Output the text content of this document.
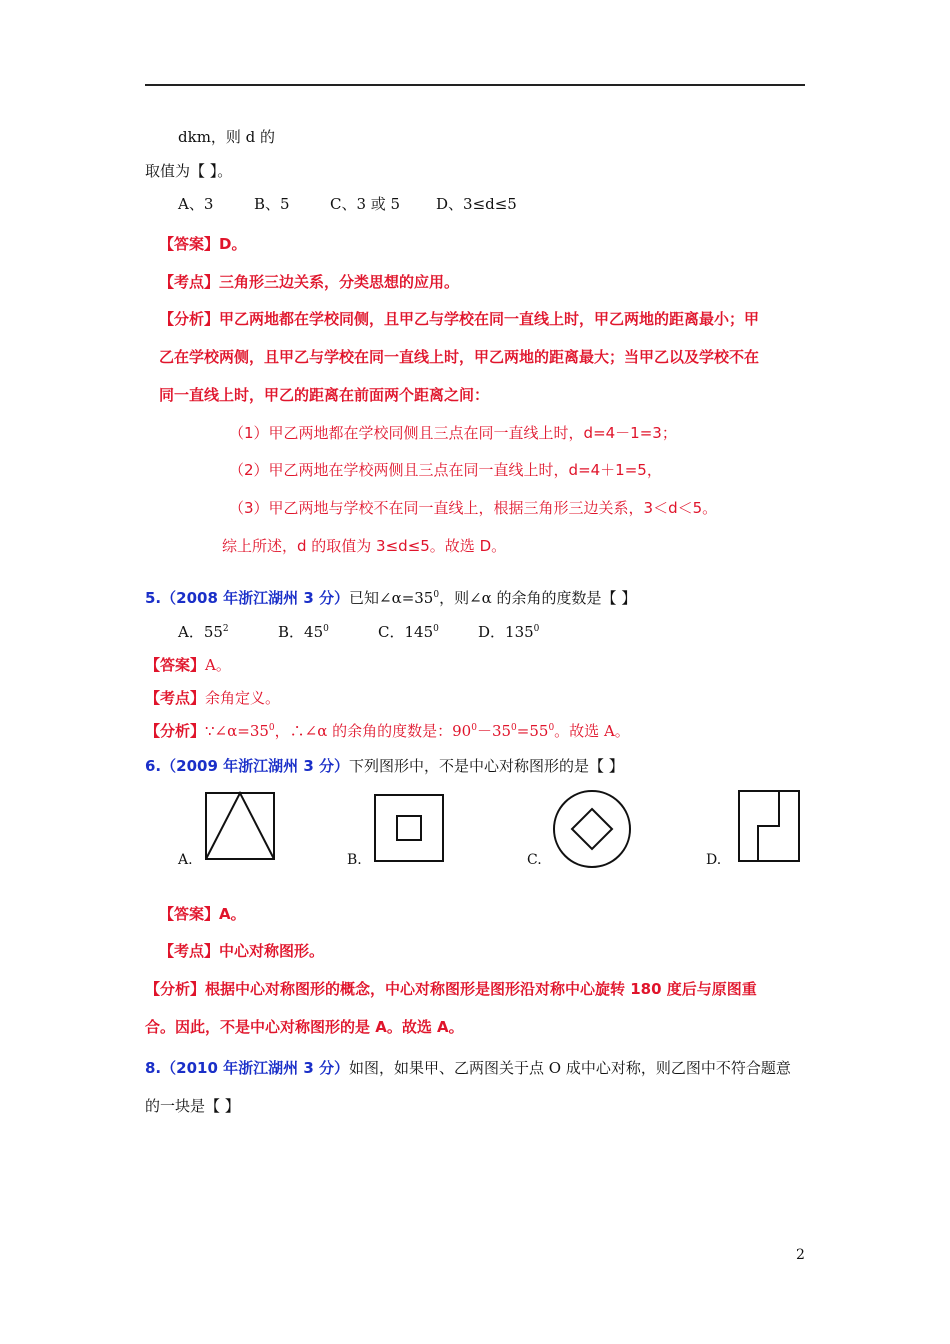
dkm，则 d 的
取值为【 】。
A、3	B、5	C、3 或 5 D、3≤d≤5
【答案】D。
【考点】三角形三边关系，分类思想的应用。
【分析】甲乙两地都在学校同侧，且甲乙与学校在同一直线上时，甲乙两地的距离最小；甲
乙在学校两侧，且甲乙与学校在同一直线上时，甲乙两地的距离最大；当甲乙以及学校不在
同一直线上时，甲乙的距离在前面两个距离之间：
（1）甲乙两地都在学校同侧且三点在同一直线上时，d=4－1=3；
（2）甲乙两地在学校两侧且三点在同一直线上时，d=4＋1=5，
（3）甲乙两地与学校不在同一直线上，根据三角形三边关系，3＜d＜5。
综上所述，d 的取值为 3≤d≤5。故选 D。
5.（2008 年浙江湖州 3 分）已知$\angle\alpha=35^0$，则∠α 的余角的度数是【 】
A．$55^2$	B．$45^0$	C．$145^0$	D．$135^0$
【答案】A。
【考点】余角定义。
【分析】$\because\angle\alpha=35^0$，∴∠α 的余角的度数是：$90^0-35^0=55^0$。故选 A。
6.（2009 年浙江湖州 3 分）下列图形中，不是中心对称图形的是【 】
A.	B.	C.	D.
【答案】A。
【考点】中心对称图形。
【分析】根据中心对称图形的概念，中心对称图形是图形沿对称中心旋转 180 度后与原图重
合。因此，不是中心对称图形的是 A。故选 A。
8.（2010 年浙江湖州 3 分）如图，如果甲、乙两图关于点 O 成中心对称，则乙图中不符合题意
的一块是【 】
2
